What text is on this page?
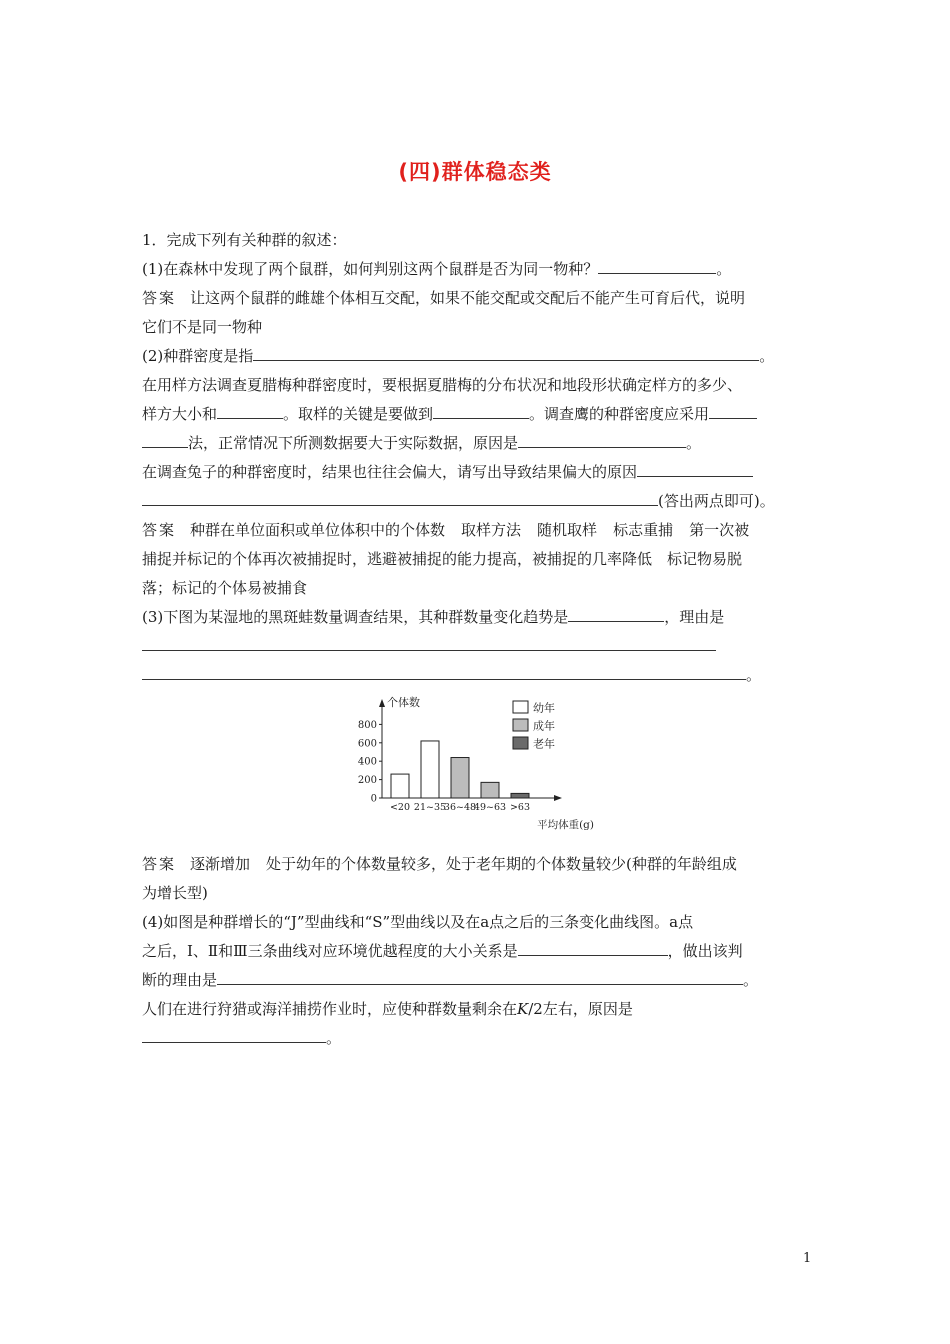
(四)群体稳态类
1．完成下列有关种群的叙述：
(1)在森林中发现了两个鼠群，如何判别这两个鼠群是否为同一物种？	。
答案 让这两个鼠群的雌雄个体相互交配，如果不能交配或交配后不能产生可育后代，说明
它们不是同一物种
(2)种群密度是指	。
在用样方法调查夏腊梅种群密度时，要根据夏腊梅的分布状况和地段形状确定样方的多少、
样方大小和	。取样的关键是要做到	。调查鹰的种群密度应采用
法，正常情况下所测数据要大于实际数据，原因是	。
在调查兔子的种群密度时，结果也往往会偏大，请写出导致结果偏大的原因
(答出两点即可)。
答案 种群在单位面积或单位体积中的个体数 取样方法 随机取样 标志重捕 第一次被
捕捉并标记的个体再次被捕捉时，逃避被捕捉的能力提高，被捕捉的几率降低　标记物易脱
落；标记的个体易被捕食
(3)下图为某湿地的黑斑蛙数量调查结果，其种群数量变化趋势是	，理由是
。
个体数
平均体重(g)
0
200
400
600
800
<20 21~35
36~48
49~63 >63
幼年
成年
老年
答案 逐渐增加 处于幼年的个体数量较多，处于老年期的个体数量较少(种群的年龄组成
为增长型)
(4)如图是种群增长的“J”型曲线和“S”型曲线以及在a点之后的三条变化曲线图。a点
之后，Ⅰ、Ⅱ和Ⅲ三条曲线对应环境优越程度的大小关系是	，做出该判
断的理由是	。
人们在进行狩猎或海洋捕捞作业时，应使种群数量剩余在K/2左右，原因是
。
1
